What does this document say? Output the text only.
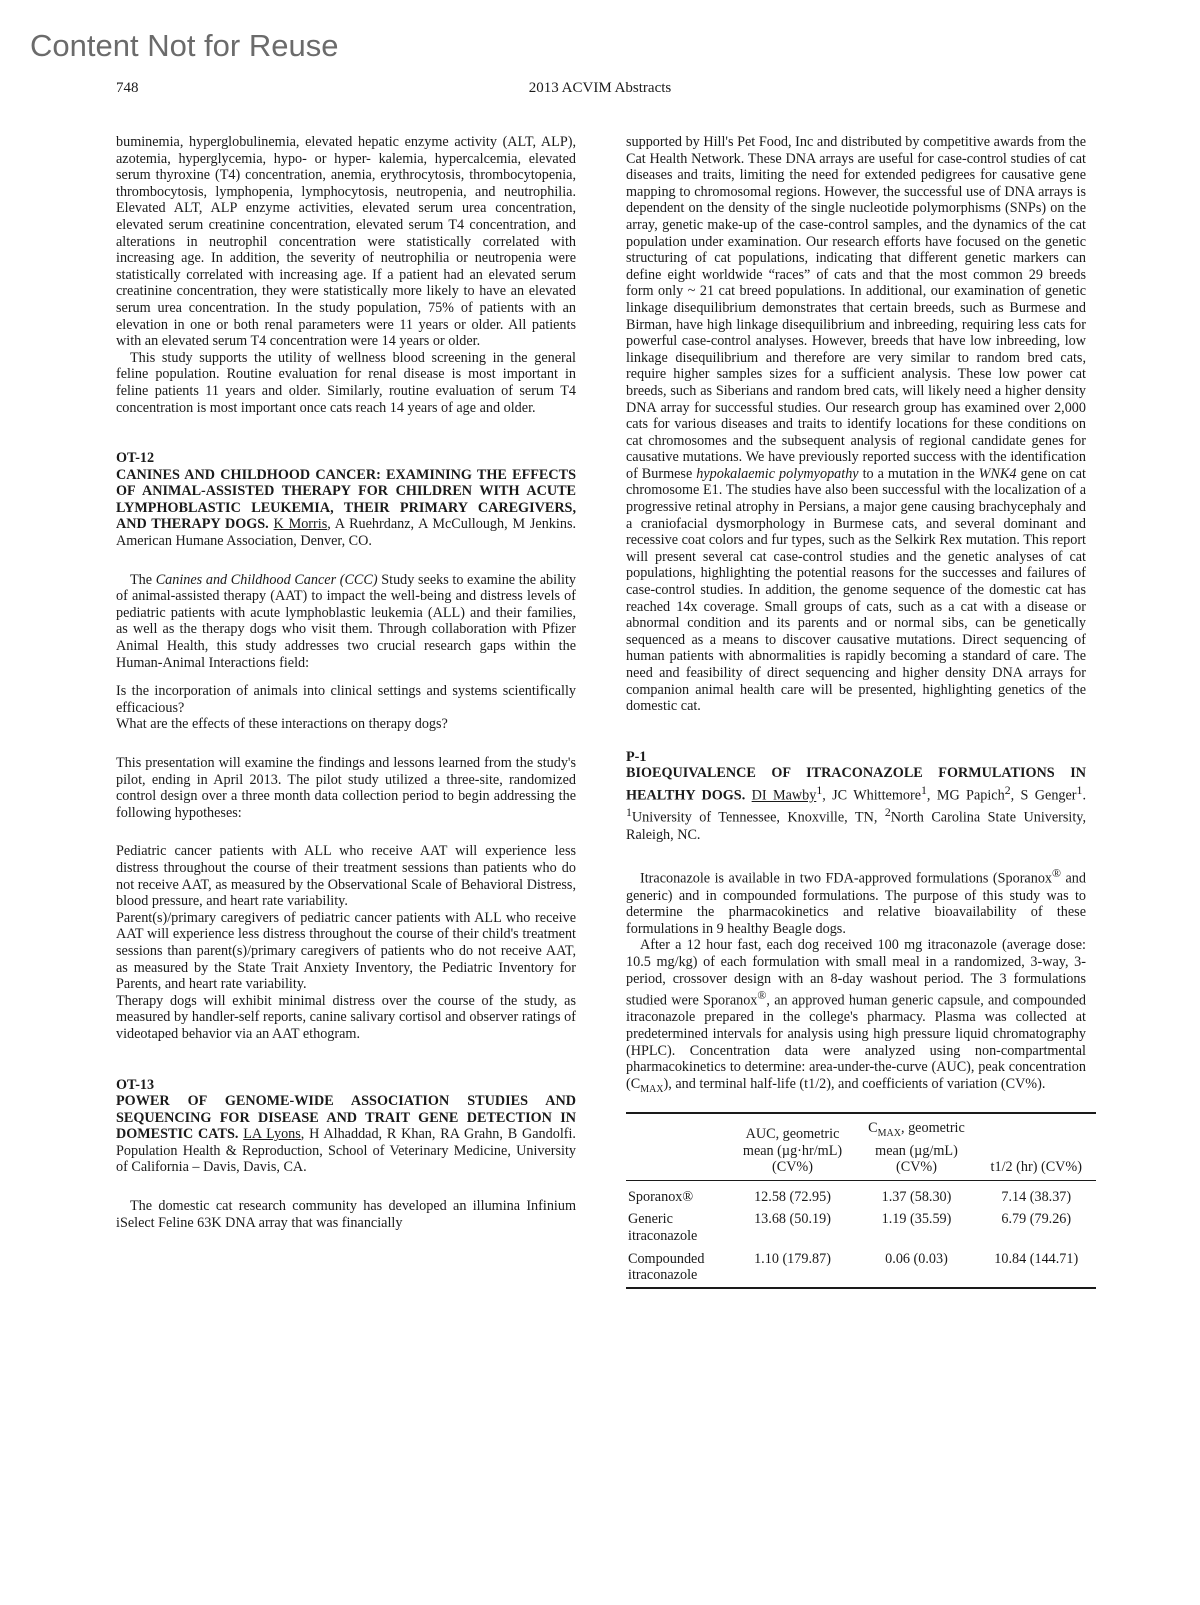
Content Not for Reuse
748	2013 ACVIM Abstracts

buminemia, hyperglobulinemia, elevated hepatic enzyme activity (ALT, ALP), azotemia, hyperglycemia, hypo- or hyper- kalemia, hypercalcemia, elevated serum thyroxine (T4) concentration, anemia, erythrocytosis, thrombocytopenia, thrombocytosis, lymphopenia, lymphocytosis, neutropenia, and neutrophilia. Elevated ALT, ALP enzyme activities, elevated serum urea concentration, elevated serum creatinine concentration, elevated serum T4 concentration, and alterations in neutrophil concentration were statistically correlated with increasing age. In addition, the severity of neutrophilia or neutropenia were statistically correlated with increasing age. If a patient had an elevated serum creatinine concentration, they were statistically more likely to have an elevated serum urea concentration. In the study population, 75% of patients with an elevation in one or both renal parameters were 11 years or older. All patients with an elevated serum T4 concentration were 14 years or older.

This study supports the utility of wellness blood screening in the general feline population. Routine evaluation for renal disease is most important in feline patients 11 years and older. Similarly, routine evaluation of serum T4 concentration is most important once cats reach 14 years of age and older.

OT-12

CANINES AND CHILDHOOD CANCER: EXAMINING THE EFFECTS OF ANIMAL-ASSISTED THERAPY FOR CHILDREN WITH ACUTE LYMPHOBLASTIC LEUKEMIA, THEIR PRIMARY CAREGIVERS, AND THERAPY DOGS. K Morris, A Ruehrdanz, A McCullough, M Jenkins. American Humane Association, Denver, CO.

The Canines and Childhood Cancer (CCC) Study seeks to examine the ability of animal-assisted therapy (AAT) to impact the well-being and distress levels of pediatric patients with acute lymphoblastic leukemia (ALL) and their families, as well as the therapy dogs who visit them. Through collaboration with Pfizer Animal Health, this study addresses two crucial research gaps within the Human-Animal Interactions field:

Is the incorporation of animals into clinical settings and systems scientifically efficacious?

What are the effects of these interactions on therapy dogs?

This presentation will examine the findings and lessons learned from the study's pilot, ending in April 2013. The pilot study utilized a three-site, randomized control design over a three month data collection period to begin addressing the following hypotheses:

Pediatric cancer patients with ALL who receive AAT will experience less distress throughout the course of their treatment sessions than patients who do not receive AAT, as measured by the Observational Scale of Behavioral Distress, blood pressure, and heart rate variability.

Parent(s)/primary caregivers of pediatric cancer patients with ALL who receive AAT will experience less distress throughout the course of their child's treatment sessions than parent(s)/primary caregivers of patients who do not receive AAT, as measured by the State Trait Anxiety Inventory, the Pediatric Inventory for Parents, and heart rate variability.

Therapy dogs will exhibit minimal distress over the course of the study, as measured by handler-self reports, canine salivary cortisol and observer ratings of videotaped behavior via an AAT ethogram.

OT-13

POWER OF GENOME-WIDE ASSOCIATION STUDIES AND SEQUENCING FOR DISEASE AND TRAIT GENE DETECTION IN DOMESTIC CATS. LA Lyons, H Alhaddad, R Khan, RA Grahn, B Gandolfi. Population Health & Reproduction, School of Veterinary Medicine, University of California – Davis, Davis, CA.

The domestic cat research community has developed an illumina Infinium iSelect Feline 63K DNA array that was financially

supported by Hill's Pet Food, Inc and distributed by competitive awards from the Cat Health Network. These DNA arrays are useful for case-control studies of cat diseases and traits, limiting the need for extended pedigrees for causative gene mapping to chromosomal regions. However, the successful use of DNA arrays is dependent on the density of the single nucleotide polymorphisms (SNPs) on the array, genetic make-up of the case-control samples, and the dynamics of the cat population under examination. Our research efforts have focused on the genetic structuring of cat populations, indicating that different genetic markers can define eight worldwide “races” of cats and that the most common 29 breeds form only ~ 21 cat breed populations. In additional, our examination of genetic linkage disequilibrium demonstrates that certain breeds, such as Burmese and Birman, have high linkage disequilibrium and inbreeding, requiring less cats for powerful case-control analyses. However, breeds that have low inbreeding, low linkage disequilibrium and therefore are very similar to random bred cats, require higher samples sizes for a sufficient analysis. These low power cat breeds, such as Siberians and random bred cats, will likely need a higher density DNA array for successful studies. Our research group has examined over 2,000 cats for various diseases and traits to identify locations for these conditions on cat chromosomes and the subsequent analysis of regional candidate genes for causative mutations. We have previously reported success with the identification of Burmese hypokalaemic polymyopathy to a mutation in the WNK4 gene on cat chromosome E1. The studies have also been successful with the localization of a progressive retinal atrophy in Persians, a major gene causing brachycephaly and a craniofacial dysmorphology in Burmese cats, and several dominant and recessive coat colors and fur types, such as the Selkirk Rex mutation. This report will present several cat case-control studies and the genetic analyses of cat populations, highlighting the potential reasons for the successes and failures of case-control studies. In addition, the genome sequence of the domestic cat has reached 14x coverage. Small groups of cats, such as a cat with a disease or abnormal condition and its parents and or normal sibs, can be genetically sequenced as a means to discover causative mutations. Direct sequencing of human patients with abnormalities is rapidly becoming a standard of care. The need and feasibility of direct sequencing and higher density DNA arrays for companion animal health care will be presented, highlighting genetics of the domestic cat.

P-1

BIOEQUIVALENCE OF ITRACONAZOLE FORMULATIONS IN HEALTHY DOGS. DI Mawby$^1$, JC Whittemore$^1$, MG Papich$^2$, S Genger$^1$. $^1$University of Tennessee, Knoxville, TN, $^2$North Carolina State University, Raleigh, NC.

Itraconazole is available in two FDA-approved formulations (Sporanox® and generic) and in compounded formulations. The purpose of this study was to determine the pharmacokinetics and relative bioavailability of these formulations in 9 healthy Beagle dogs.

After a 12 hour fast, each dog received 100 mg itraconazole (average dose: 10.5 mg/kg) of each formulation with small meal in a randomized, 3-way, 3-period, crossover design with an 8-day washout period. The 3 formulations studied were Sporanox®, an approved human generic capsule, and compounded itraconazole prepared in the college's pharmacy. Plasma was collected at predetermined intervals for analysis using high pressure liquid chromatography (HPLC). Concentration data were analyzed using non-compartmental pharmacokinetics to determine: area-under-the-curve (AUC), peak concentration $(C_{MAX})$, and terminal half-life (t1/2), and coefficients of variation (CV%).

	AUC, geometric mean (µg·hr/mL) (CV%)	$C_{MAX}$, geometric mean (µg/mL) (CV%)	t1/2 (hr) (CV%)
Sporanox®	12.58 (72.95)	1.37 (58.30)	7.14 (38.37)
Generic itraconazole	13.68 (50.19)	1.19 (35.59)	6.79 (79.26)
Compounded itraconazole	1.10 (179.87)	0.06 (0.03)	10.84 (144.71)
